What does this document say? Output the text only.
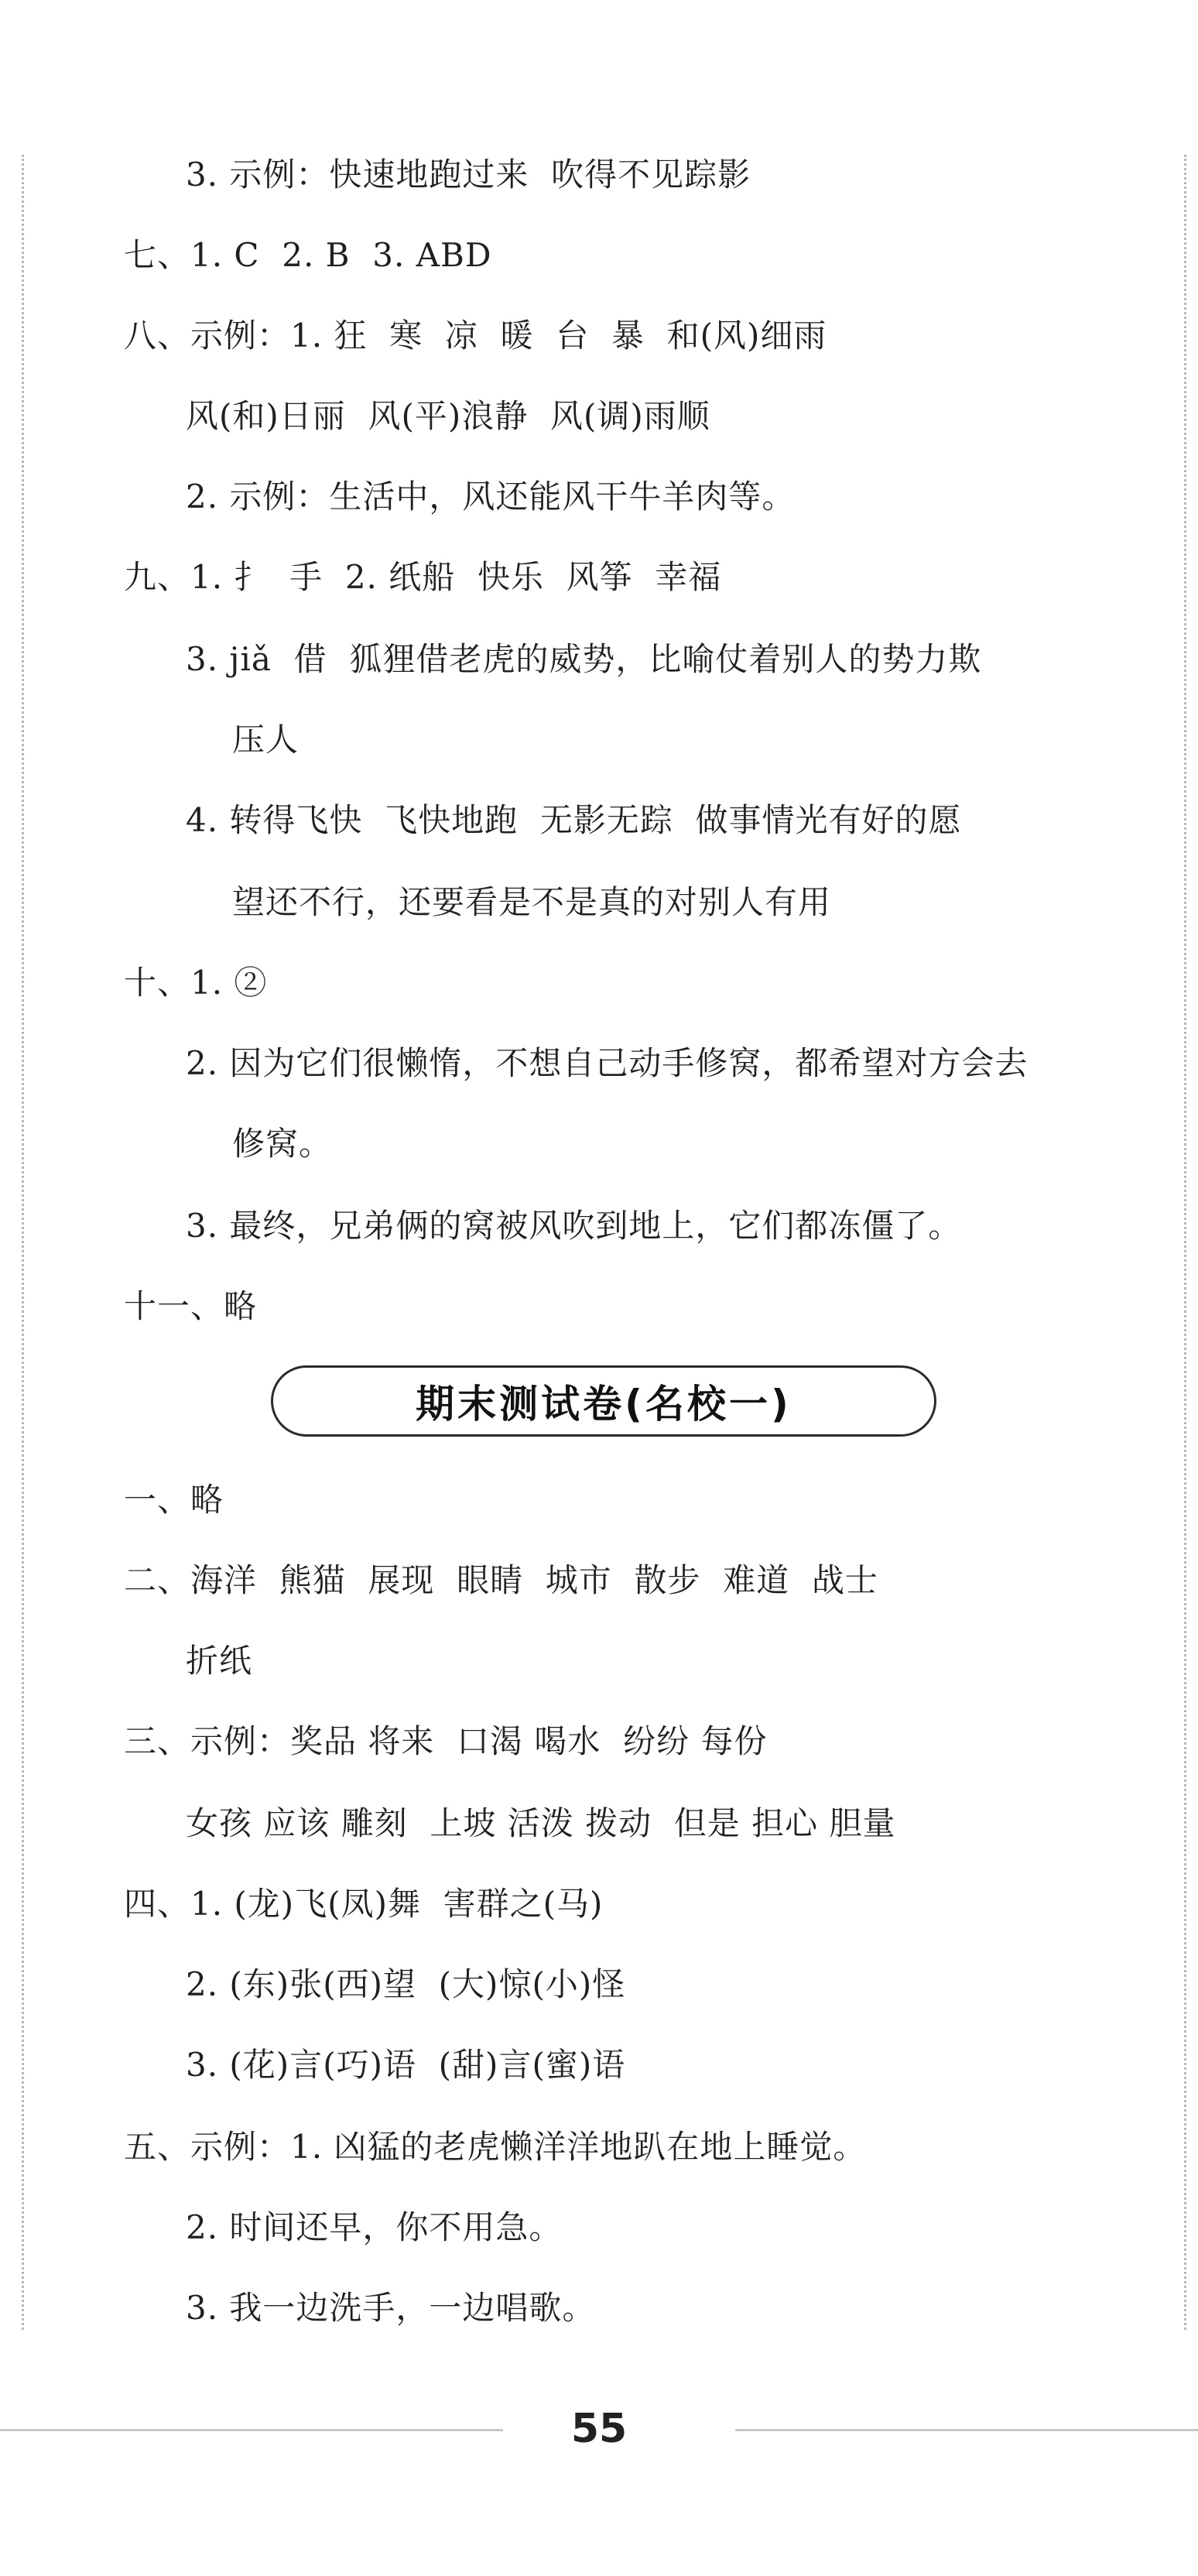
3. 示例：快速地跑过来  吹得不见踪影
七、1. C  2. B  3. ABD
八、示例：1. 狂  寒  凉  暖  台  暴  和(风)细雨
风(和)日丽  风(平)浪静  风(调)雨顺
2. 示例：生活中，风还能风干牛羊肉等。
九、1. 扌  手  2. 纸船  快乐  风筝  幸福
3. jiǎ  借  狐狸借老虎的威势，比喻仗着别人的势力欺
压人
4. 转得飞快  飞快地跑  无影无踪  做事情光有好的愿
望还不行，还要看是不是真的对别人有用
十、1. ②
2. 因为它们很懒惰，不想自己动手修窝，都希望对方会去
修窝。
3. 最终，兄弟俩的窝被风吹到地上，它们都冻僵了。
十一、略
期末测试卷(名校一)
一、略
二、海洋  熊猫  展现  眼睛  城市  散步  难道  战士
折纸
三、示例：奖品 将来  口渴 喝水  纷纷 每份
女孩 应该 雕刻  上坡 活泼 拨动  但是 担心 胆量
四、1. (龙)飞(凤)舞  害群之(马)
2. (东)张(西)望  (大)惊(小)怪
3. (花)言(巧)语  (甜)言(蜜)语
五、示例：1. 凶猛的老虎懒洋洋地趴在地上睡觉。
2. 时间还早，你不用急。
3. 我一边洗手，一边唱歌。
55
